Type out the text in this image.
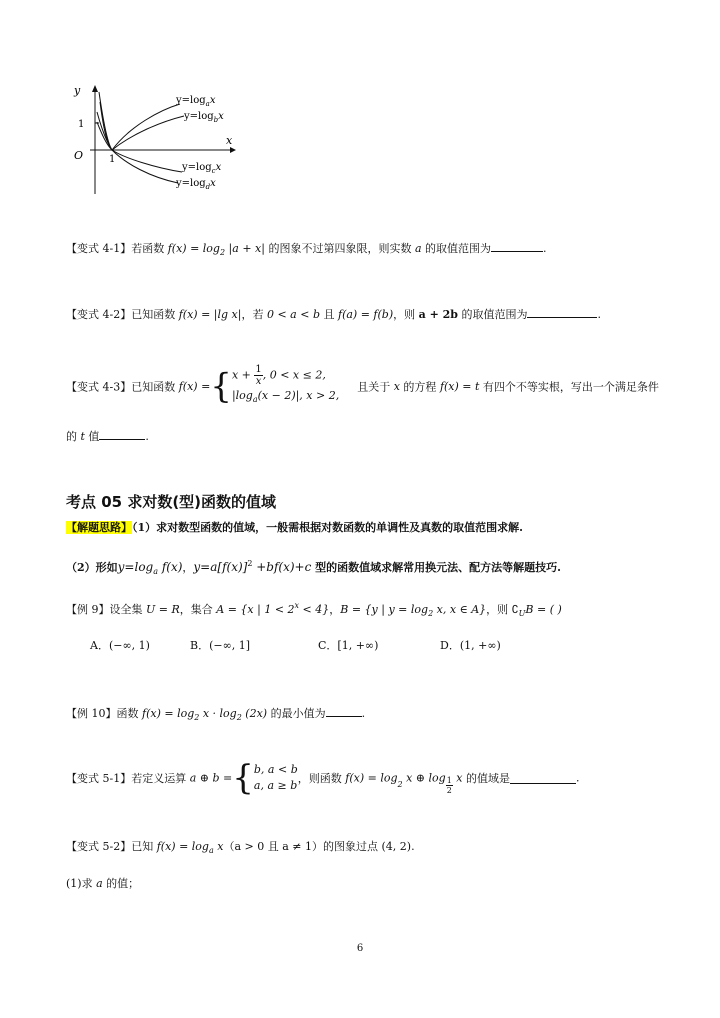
y
x
O
1
1
$y=\log_ax$
$y=\log_bx$
$y=\log_cx$
$y=\log_dx$
【变式 4-1】若函数 $f(x) = \log_2 |a + x|$ 的图象不过第四象限，则实数 a 的取值范围为	.
【变式 4-2】已知函数 f(x) = |lg x|，若 0 < a < b 且 f(a) = f(b)，则 a + 2b 的取值范围为	.
【变式 4-3】已知函数 f(x) ={ $x + \frac{1}{x}$ , 0 < x ≤ 2,
$|\log_a(x - 2)|$, x > 2,
且关于 x 的方程 f(x) = t 有四个不等实根，写出一个满足条件
的 t 值	.
考点 05 求对数(型)函数的值域
【解题思路】（1）求对数型函数的值域，一般需根据对数函数的单调性及真数的取值范围求解.
（2）形如$y=\log_a$ f(x)，$y=a[f(x)]^2 +bf(x)+c$ 型的函数值域求解常用换元法、配方法等解题技巧.
【例 9】设全集 U = R，集合 A = {x | $1 < 2^x < 4$}，B = {y | $y = \log_2 x$, x ∈ A}，则 $∁_UB$ = ( )
A．(−∞, 1)	B．(−∞, 1]	C．[1, +∞)	D．(1, +∞)
【例 10】函数 $f(x) = \log_2 x \cdot \log_2 (2x)$ 的最小值为	.
【变式 5-1】若定义运算 a ⊕ b ={ b, a < b
a, a ≥ b
，则函数 $f(x) = \log_2 x$ ⊕ $\log \frac{1}{2}$ x 的值域是	.
【变式 5-2】已知 $f(x) = \log_a x(a > 0$ 且 a ≠ 1）的图象过点 (4, 2).
(1)求 a 的值；
6
